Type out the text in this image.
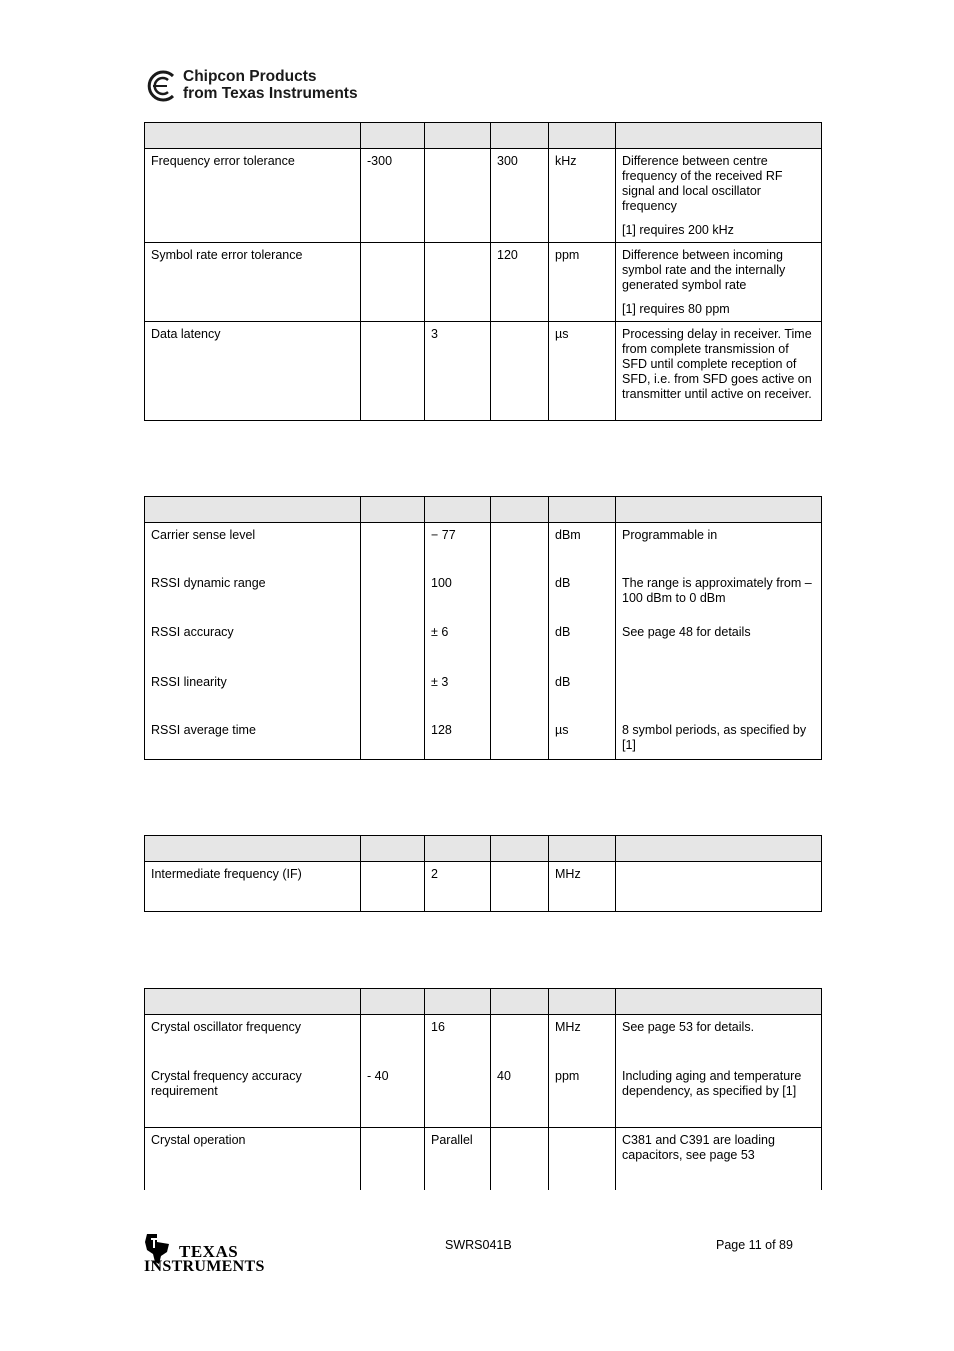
Chipcon Products
from Texas Instruments

Frequency error tolerance	-300		300	kHz	Difference between centre frequency of the received RF signal and local oscillator frequency
[1] requires 200 kHz

Symbol rate error tolerance			120	ppm	Difference between incoming symbol rate and the internally generated symbol rate
[1] requires 80 ppm

Data latency		3		µs	Processing delay in receiver. Time from complete transmission of SFD until complete reception of SFD, i.e. from SFD goes active on transmitter until active on receiver.

Carrier sense level		− 77		dBm	Programmable in
RSSI dynamic range		100		dB	The range is approximately from –100 dBm to 0 dBm
RSSI accuracy		± 6		dB	See page 48 for details
RSSI linearity		± 3		dB	
RSSI average time		128		µs	8 symbol periods, as specified by [1]

Intermediate frequency (IF)		2		MHz	

Crystal oscillator frequency		16		MHz	See page 53 for details.
Crystal frequency accuracy requirement	- 40		40	ppm	Including aging and temperature dependency, as specified by [1]
Crystal operation		Parallel			C381 and C391 are loading capacitors, see page 53
TEXAS
INSTRUMENTS
SWRS041B	Page 11 of 89
